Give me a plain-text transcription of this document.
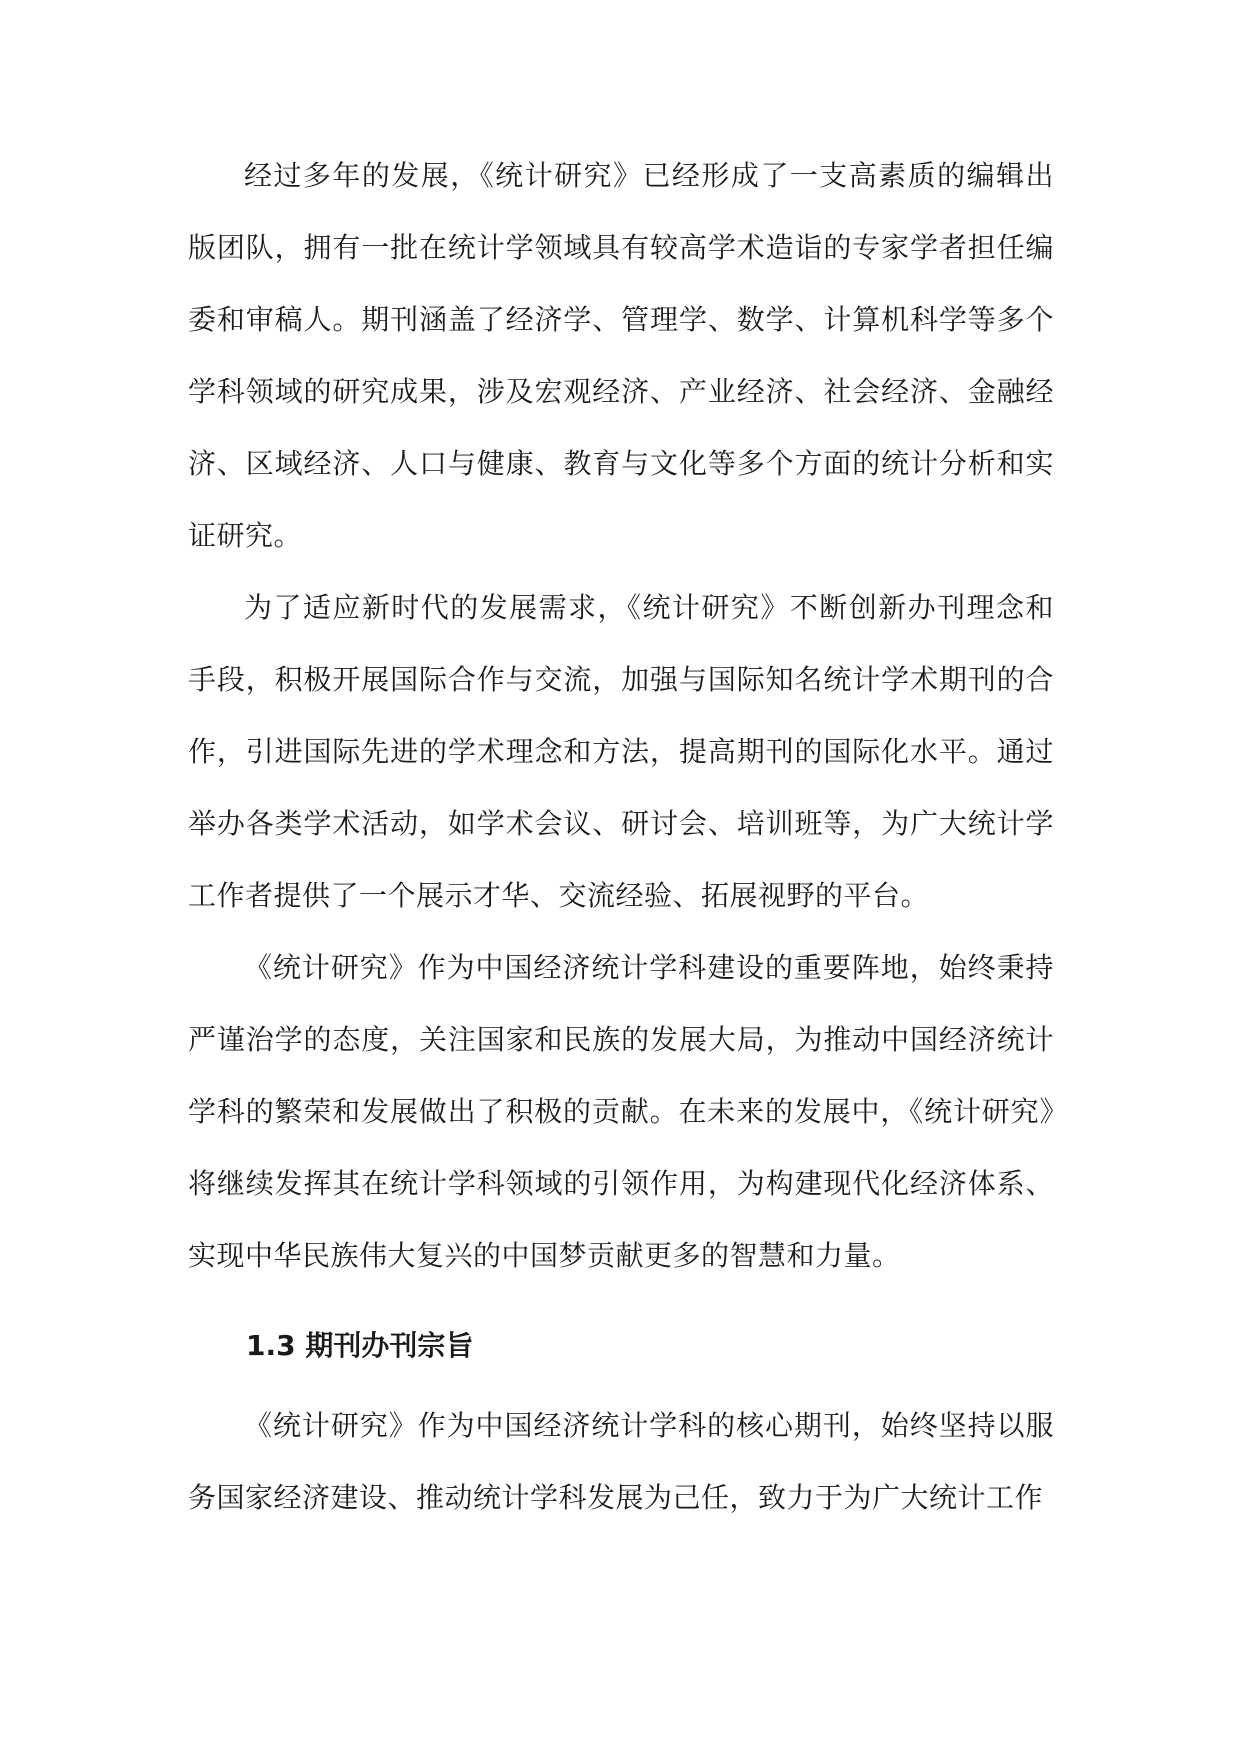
经过多年的发展，《统计研究》已经形成了一支高素质的编辑出版团队，拥有一批在统计学领域具有较高学术造诣的专家学者担任编委和审稿人。期刊涵盖了经济学、管理学、数学、计算机科学等多个学科领域的研究成果，涉及宏观经济、产业经济、社会经济、金融经济、区域经济、人口与健康、教育与文化等多个方面的统计分析和实证研究。

为了适应新时代的发展需求，《统计研究》不断创新办刊理念和手段，积极开展国际合作与交流，加强与国际知名统计学术期刊的合作，引进国际先进的学术理念和方法，提高期刊的国际化水平。通过举办各类学术活动，如学术会议、研讨会、培训班等，为广大统计学工作者提供了一个展示才华、交流经验、拓展视野的平台。

《统计研究》作为中国经济统计学科建设的重要阵地，始终秉持严谨治学的态度，关注国家和民族的发展大局，为推动中国经济统计学科的繁荣和发展做出了积极的贡献。在未来的发展中，《统计研究》将继续发挥其在统计学科领域的引领作用，为构建现代化经济体系、实现中华民族伟大复兴的中国梦贡献更多的智慧和力量。

1.3 期刊办刊宗旨

《统计研究》作为中国经济统计学科的核心期刊，始终坚持以服务国家经济建设、推动统计学科发展为己任，致力于为广大统计工作
